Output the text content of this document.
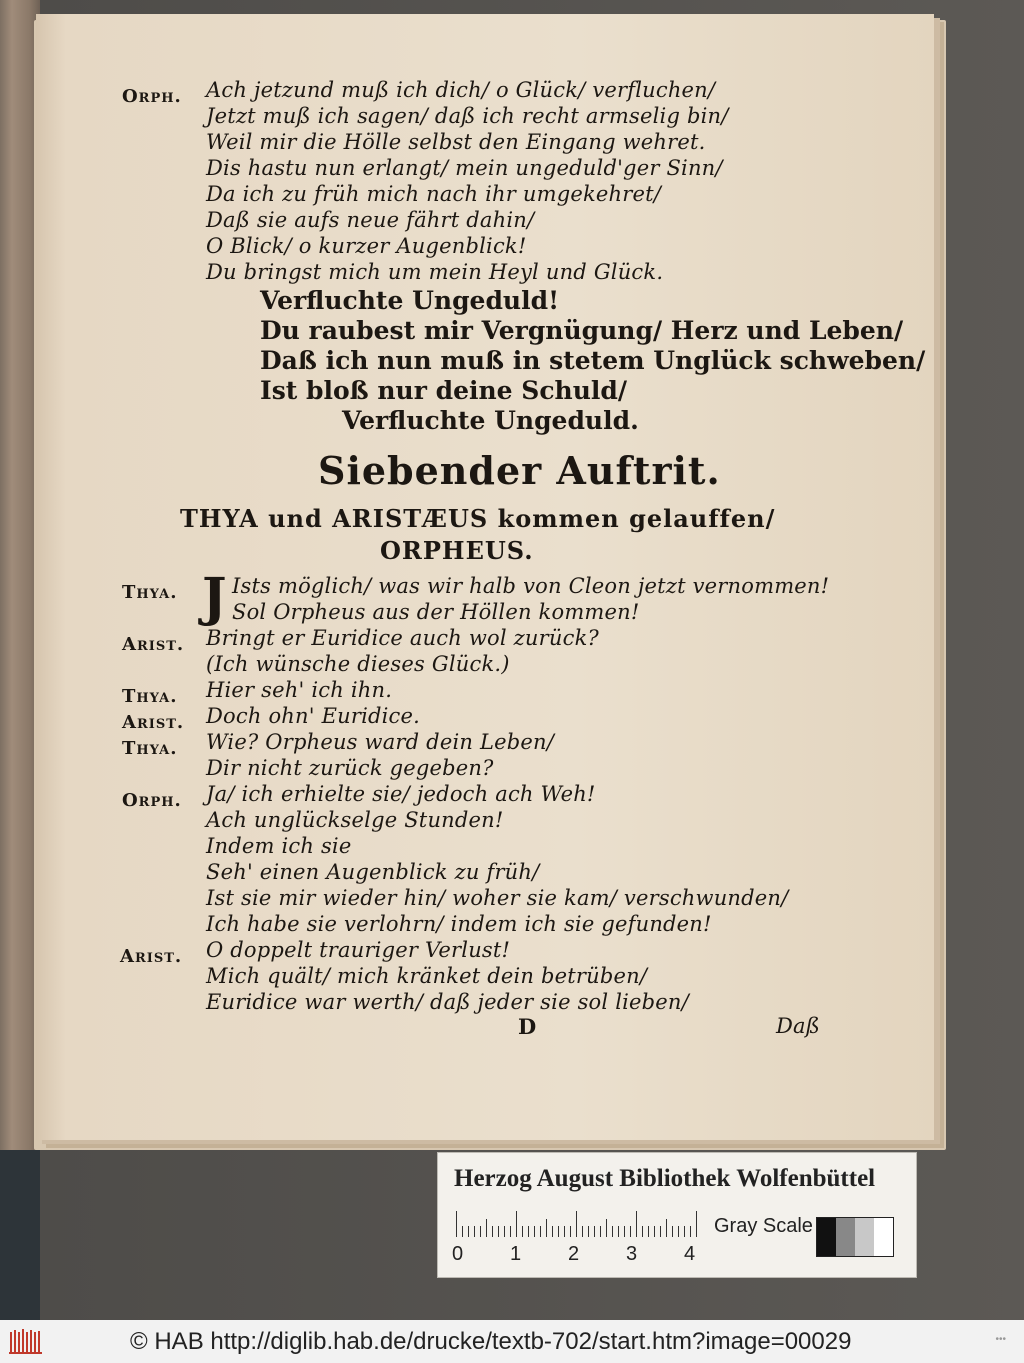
Orph. Ach jetzund muß ich dich/ o Glück/ verfluchen/
Jetzt muß ich sagen/ daß ich recht armselig bin/
Weil mir die Hölle selbst den Eingang wehret.
Dis hastu nun erlangt/ mein ungeduld'ger Sinn/
Da ich zu früh mich nach ihr umgekehret/
Daß sie aufs neue fährt dahin/
O Blick/ o kurzer Augenblick!
Du bringst mich um mein Heyl und Glück.
Verfluchte Ungeduld!
Du raubest mir Vergnügung/ Herz und Leben/
Daß ich nun muß in stetem Unglück schweben/
Ist bloß nur deine Schuld/
Verfluchte Ungeduld.
Siebender Auftrit.
THYA und ARISTÆUS kommen gelauffen/
ORPHEUS.
Thya. J Ists möglich/ was wir halb von Cleon jetzt vernommen!
Sol Orpheus aus der Höllen kommen!
Arist. Bringt er Euridice auch wol zurück?
(Ich wünsche dieses Glück.)
Thya. Hier seh' ich ihn.
Arist. Doch ohn' Euridice.
Thya. Wie? Orpheus ward dein Leben/
Dir nicht zurück gegeben?
Orph. Ja/ ich erhielte sie/ jedoch ach Weh!
Ach unglückselge Stunden!
Indem ich sie
Seh' einen Augenblick zu früh/
Ist sie mir wieder hin/ woher sie kam/ verschwunden/
Ich habe sie verlohrn/ indem ich sie gefunden!
Arist. O doppelt trauriger Verlust!
Mich quält/ mich kränket dein betrüben/
Euridice war werth/ daß jeder sie sol lieben/
D	Daß
Herzog August Bibliothek Wolfenbüttel
0 1 2 3 4
Gray Scale
© HAB http://diglib.hab.de/drucke/textb-702/start.htm?image=00029	•••
